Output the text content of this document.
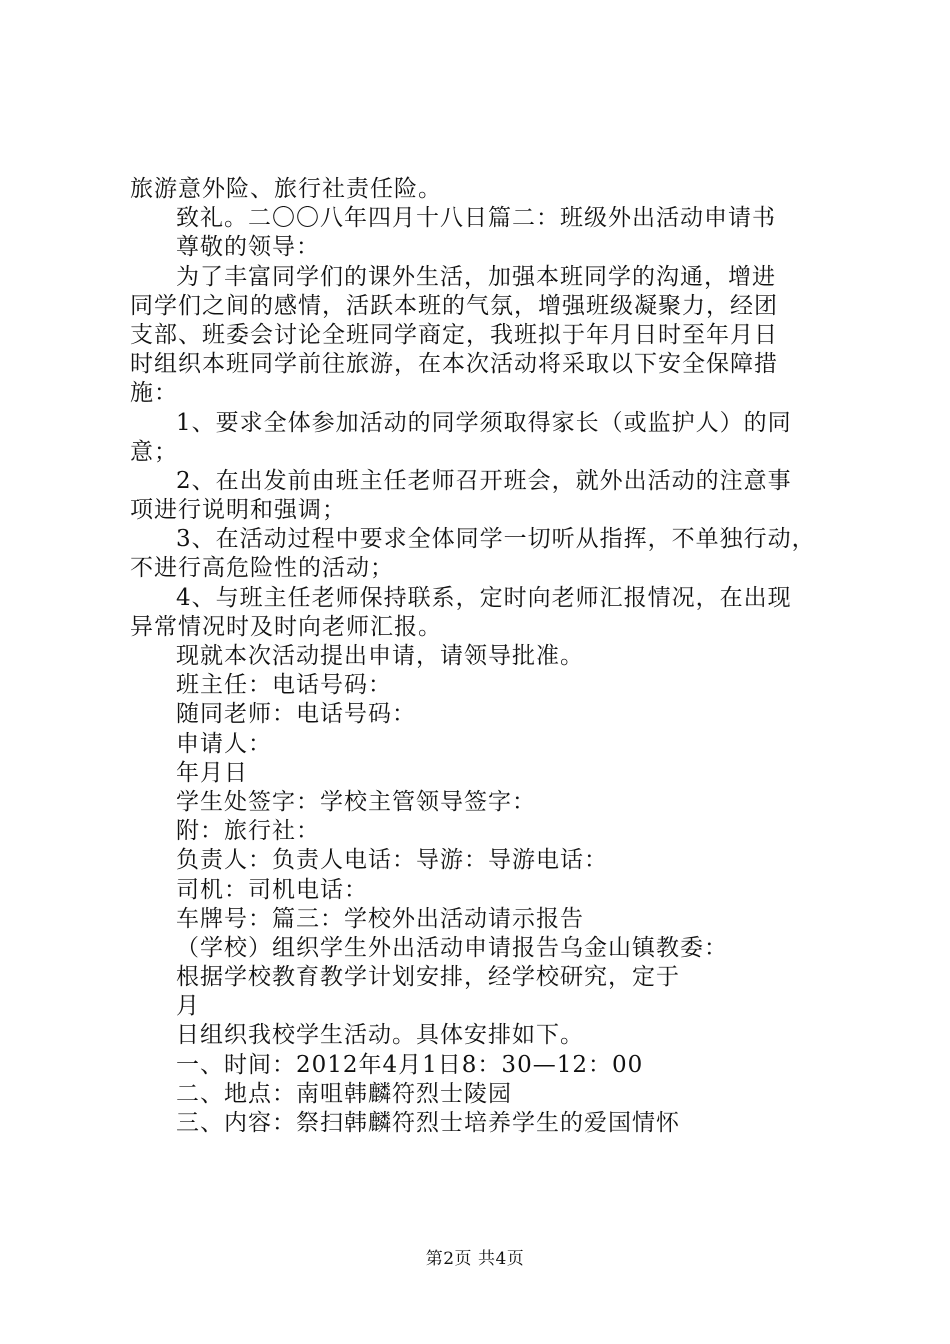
旅游意外险、旅行社责任险。
致礼。二〇〇八年四月十八日篇二：班级外出活动申请书
尊敬的领导：
为了丰富同学们的课外生活，加强本班同学的沟通，增进
同学们之间的感情，活跃本班的气氛，增强班级凝聚力，经团
支部、班委会讨论全班同学商定，我班拟于年月日时至年月日
时组织本班同学前往旅游，在本次活动将采取以下安全保障措
施：
1、要求全体参加活动的同学须取得家长（或监护人）的同
意；
2、在出发前由班主任老师召开班会，就外出活动的注意事
项进行说明和强调；
3、在活动过程中要求全体同学一切听从指挥，不单独行动，
不进行高危险性的活动；
4、与班主任老师保持联系，定时向老师汇报情况，在出现
异常情况时及时向老师汇报。
现就本次活动提出申请，请领导批准。
班主任：电话号码：
随同老师：电话号码：
申请人：
年月日
学生处签字：学校主管领导签字：
附：旅行社：
负责人：负责人电话：导游：导游电话：
司机：司机电话：
车牌号：篇三：学校外出活动请示报告
（学校）组织学生外出活动申请报告乌金山镇教委：
根据学校教育教学计划安排，经学校研究，定于
月
日组织我校学生活动。具体安排如下。
一、时间：2012年4月1日8：30—12：00
二、地点：南咀韩麟符烈士陵园
三、内容：祭扫韩麟符烈士培养学生的爱国情怀
第2页 共4页
